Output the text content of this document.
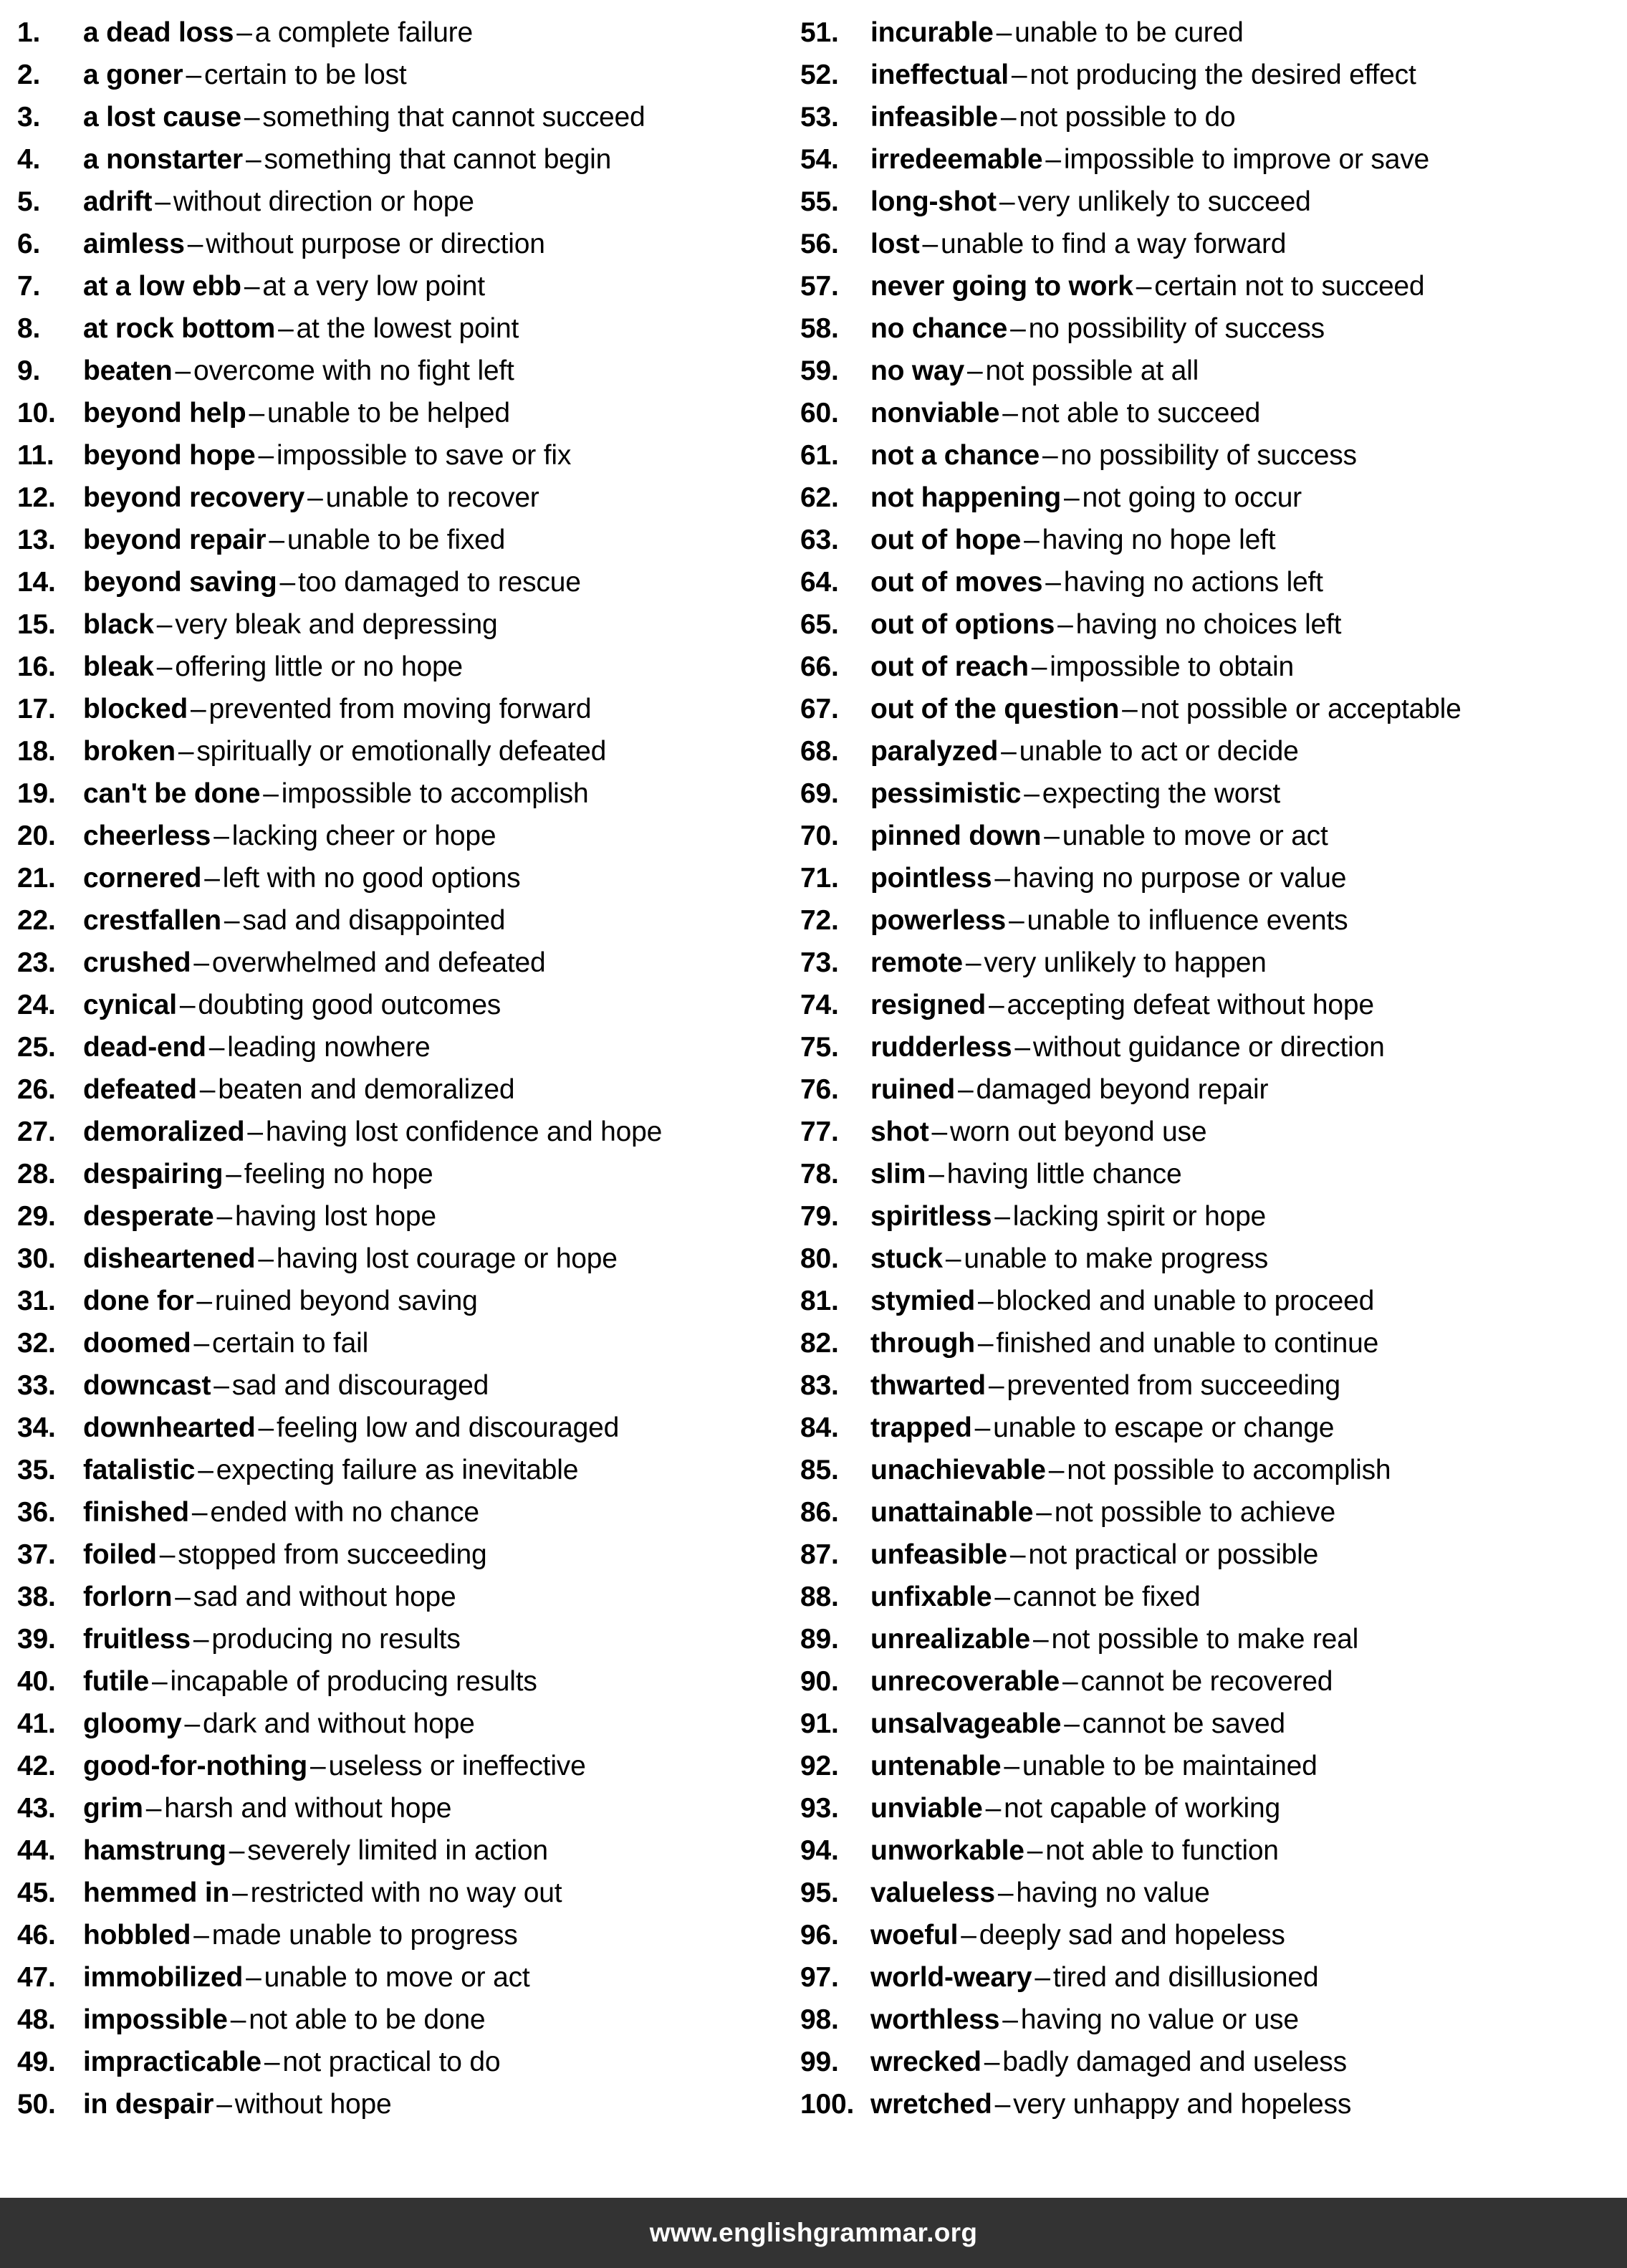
1.	a dead loss – a complete failure
2.	a goner – certain to be lost
3.	a lost cause – something that cannot succeed
4.	a nonstarter – something that cannot begin
5.	adrift – without direction or hope
6.	aimless – without purpose or direction
7.	at a low ebb – at a very low point
8.	at rock bottom – at the lowest point
9.	beaten – overcome with no fight left
10. beyond help – unable to be helped
11.	beyond hope – impossible to save or fix
12. beyond recovery – unable to recover
13. beyond repair – unable to be fixed
14. beyond saving – too damaged to rescue
15. black – very bleak and depressing
16. bleak – offering little or no hope
17. blocked – prevented from moving forward
18. broken – spiritually or emotionally defeated
19. can't be done – impossible to accomplish
20. cheerless – lacking cheer or hope
21. cornered – left with no good options
22. crestfallen – sad and disappointed
23. crushed – overwhelmed and defeated
24. cynical – doubting good outcomes
25. dead-end – leading nowhere
26. defeated – beaten and demoralized
27. demoralized – having lost confidence and hope
28. despairing – feeling no hope
29. desperate – having lost hope
30. disheartened – having lost courage or hope
31. done for – ruined beyond saving
32. doomed – certain to fail
33. downcast – sad and discouraged
34. downhearted – feeling low and discouraged
35. fatalistic – expecting failure as inevitable
36. finished – ended with no chance
37. foiled – stopped from succeeding
38. forlorn – sad and without hope
39. fruitless – producing no results
40. futile – incapable of producing results
41. gloomy – dark and without hope
42. good-for-nothing – useless or ineffective
43. grim – harsh and without hope
44. hamstrung – severely limited in action
45. hemmed in – restricted with no way out
46. hobbled – made unable to progress
47. immobilized – unable to move or act
48. impossible – not able to be done
49. impracticable – not practical to do
50. in despair – without hope
51.	incurable – unable to be cured
52.	ineffectual – not producing the desired effect
53.	infeasible – not possible to do
54.	irredeemable – impossible to improve or save
55.	long-shot – very unlikely to succeed
56.	lost – unable to find a way forward
57.	never going to work – certain not to succeed
58.	no chance – no possibility of success
59.	no way – not possible at all
60.	nonviable – not able to succeed
61.	not a chance – no possibility of success
62.	not happening – not going to occur
63.	out of hope – having no hope left
64.	out of moves – having no actions left
65.	out of options – having no choices left
66.	out of reach – impossible to obtain
67.	out of the question – not possible or acceptable
68.	paralyzed – unable to act or decide
69.	pessimistic – expecting the worst
70.	pinned down – unable to move or act
71.	pointless – having no purpose or value
72.	powerless – unable to influence events
73.	remote – very unlikely to happen
74.	resigned – accepting defeat without hope
75.	rudderless – without guidance or direction
76.	ruined – damaged beyond repair
77.	shot – worn out beyond use
78.	slim – having little chance
79.	spiritless – lacking spirit or hope
80.	stuck – unable to make progress
81.	stymied – blocked and unable to proceed
82.	through – finished and unable to continue
83.	thwarted – prevented from succeeding
84.	trapped – unable to escape or change
85.	unachievable – not possible to accomplish
86.	unattainable – not possible to achieve
87.	unfeasible – not practical or possible
88.	unfixable – cannot be fixed
89.	unrealizable – not possible to make real
90.	unrecoverable – cannot be recovered
91.	unsalvageable – cannot be saved
92.	untenable – unable to be maintained
93.	unviable – not capable of working
94.	unworkable – not able to function
95.	valueless – having no value
96.	woeful – deeply sad and hopeless
97.	world-weary – tired and disillusioned
98.	worthless – having no value or use
99.	wrecked – badly damaged and useless
100. wretched – very unhappy and hopeless
www.englishgrammar.org
